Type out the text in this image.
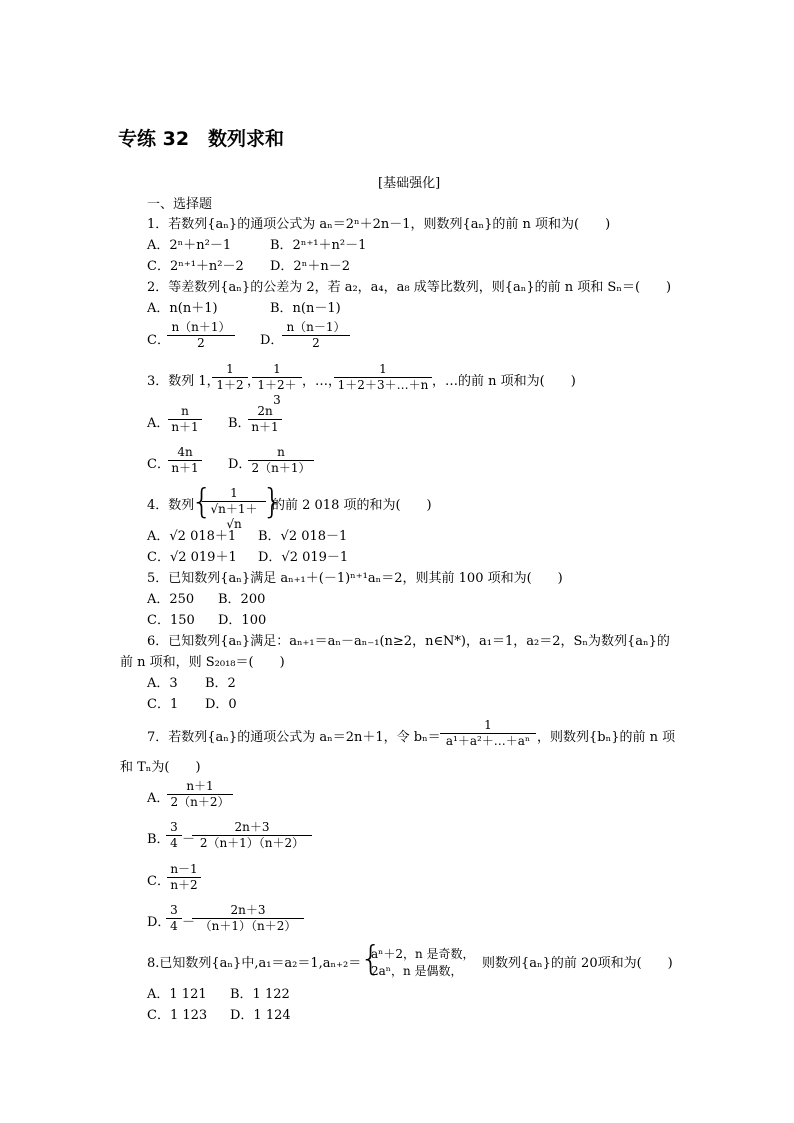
专练 32　数列求和
[基础强化]
一、选择题
1．若数列{aₙ}的通项公式为 aₙ＝2ⁿ＋2n－1，则数列{aₙ}的前 n 项和为(　　)
A．2ⁿ＋n²－1	B．2ⁿ⁺¹＋n²－1
C．2ⁿ⁺¹＋n²－2 D．2ⁿ＋n－2
2．等差数列{aₙ}的公差为 2，若 a₂，a₄，a₈ 成等比数列，则{aₙ}的前 n 项和 Sₙ＝(　　)
A．n(n＋1)	B．n(n－1)
C．
$\frac{n(n+1)}{2}$ D．
$\frac{n(n-1)}{2}$
3．数列 1，
$\frac{1}{1+2}$ ，
$\frac{1}{1+2+3}$ ，…，
$\frac{1}{1+2+3+\dots+n}$ ，…的前 n 项和为(　　)
A．
$\frac{n}{n+1}$ B．
$\frac{2n}{n+1}$
C．
$\frac{4n}{n+1}$ D．
$\frac{n}{2(n+1)}$
4．数列
{
$\frac{1}{√n+1+√n}$
}
的前 2 018 项的和为(　　)
A．√2 018＋1 B．√2 018－1
C．√2 019＋1 D．√2 019－1
5．已知数列{aₙ}满足 aₙ₊₁＋(－1)ⁿ⁺¹aₙ＝2，则其前 100 项和为(　　)
A．250 B．200
C．150 D．100
6．已知数列{aₙ}满足：aₙ₊₁＝aₙ－aₙ₋₁(n≥2，n∈N*)，a₁＝1，a₂＝2，Sₙ为数列{aₙ}的
前 n 项和，则 S₂₀₁₈＝(　　)
A．3 B．2
C．1 D．0
7．若数列{aₙ}的通项公式为 aₙ＝2n＋1，令 $b_n= \frac{1}{\text{a¹＋a²＋…＋aⁿ}}$ ，则数列{bₙ}的前 n 项
和 Tₙ为(　　)
A．
$\frac{n+1}{2(n+2)}$
B．
$\frac{3}{4}$ －
$\frac{2n+3}{2(n+1)(n+2)}$
C．
$\frac{n-1}{n+2}$
D．
$\frac{3}{4}$ －
$\frac{2n+3}{(n+1)(n+2)}$
8.已知数列{aₙ}中,a₁＝a₂＝1,aₙ₊₂＝
{
aⁿ＋2，n 是奇数，
2aⁿ，n 是偶数， 则数列{aₙ}的前 20项和为(　　)
A．1 121 B．1 122
C．1 123 D．1 124
